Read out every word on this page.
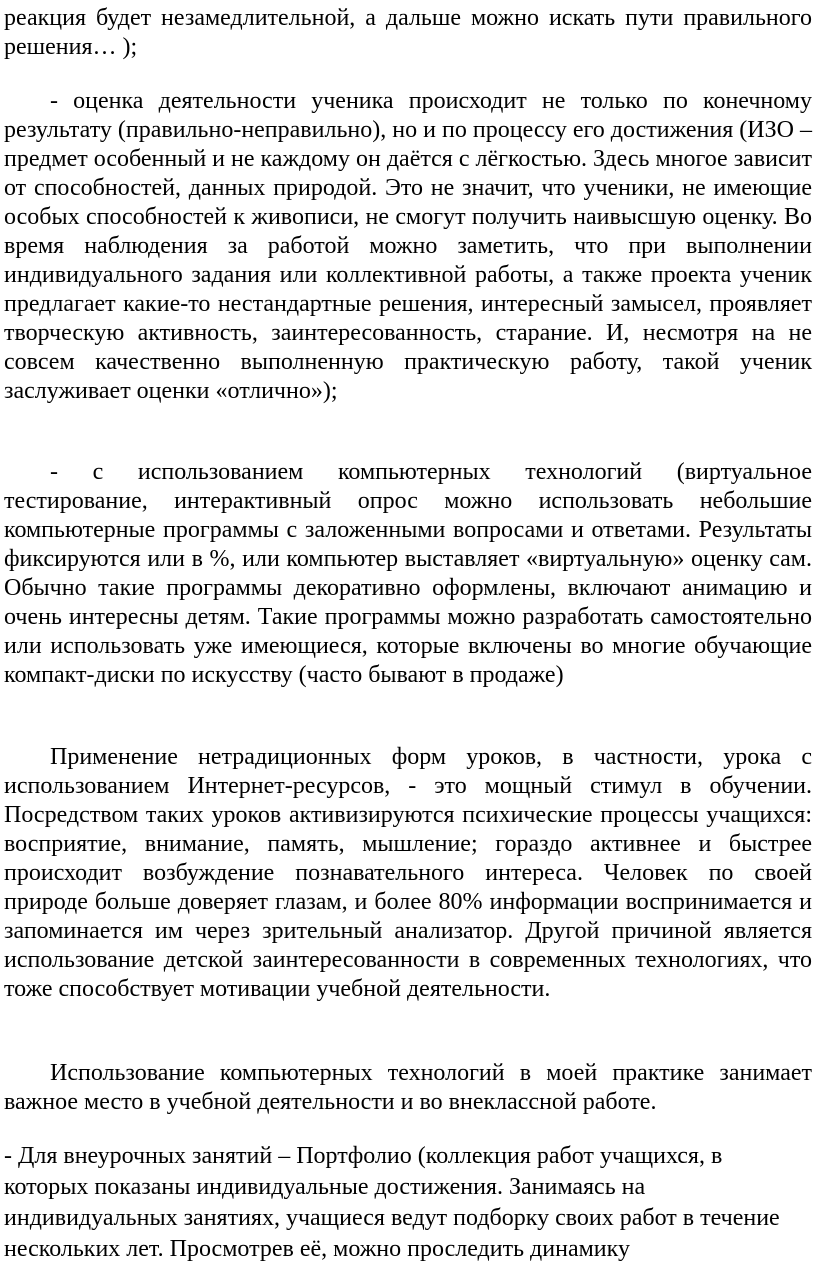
реакция будет незамедлительной, а дальше можно искать пути правильного решения… );

- оценка деятельности ученика происходит не только по конечному результату (правильно-неправильно), но и по процессу его достижения (ИЗО – предмет особенный и не каждому он даётся с лёгкостью. Здесь многое зависит от способностей, данных природой. Это не значит, что ученики, не имеющие особых способностей к живописи, не смогут получить наивысшую оценку. Во время наблюдения за работой можно заметить, что при выполнении индивидуального задания или коллективной работы, а также проекта ученик предлагает какие-то нестандартные решения, интересный замысел, проявляет творческую активность, заинтересованность, старание. И, несмотря на не совсем качественно выполненную практическую работу, такой ученик заслуживает оценки «отлично»);

- с использованием компьютерных технологий (виртуальное тестирование, интерактивный опрос можно использовать небольшие компьютерные программы с заложенными вопросами и ответами. Результаты фиксируются или в %, или компьютер выставляет «виртуальную» оценку сам. Обычно такие программы декоративно оформлены, включают анимацию и очень интересны детям. Такие программы можно разработать самостоятельно или использовать уже имеющиеся, которые включены во многие обучающие компакт-диски по искусству (часто бывают в продаже)

Применение нетрадиционных форм уроков, в частности, урока с использованием Интернет-ресурсов, - это мощный стимул в обучении. Посредством таких уроков активизируются психические процессы учащихся: восприятие, внимание, память, мышление; гораздо активнее и быстрее происходит возбуждение познавательного интереса. Человек по своей природе больше доверяет глазам, и более 80% информации воспринимается и запоминается им через зрительный анализатор. Другой причиной является использование детской заинтересованности в современных технологиях, что тоже способствует мотивации учебной деятельности.

Использование компьютерных технологий в моей практике занимает важное место в учебной деятельности и во внеклассной работе.

- Для внеурочных занятий – Портфолио (коллекция работ учащихся, в которых показаны индивидуальные достижения. Занимаясь на индивидуальных занятиях, учащиеся ведут подборку своих работ в течение нескольких лет. Просмотрев её, можно проследить динамику
